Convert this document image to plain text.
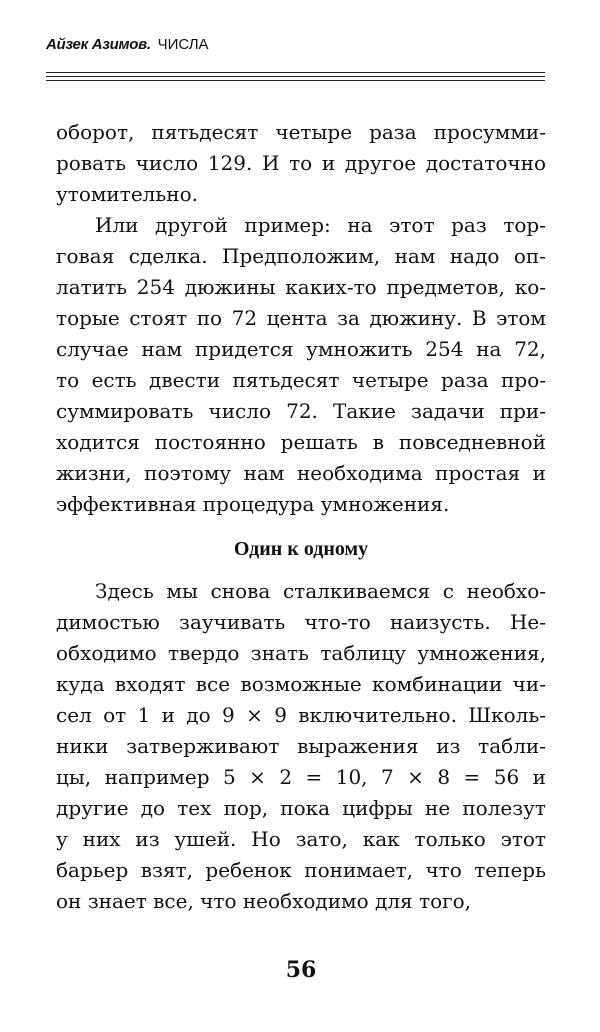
Айзек Азимов. ЧИСЛА
оборот, пятьдесят четыре раза просумми-
ровать число 129. И то и другое достаточно
утомительно.
Или другой пример: на этот раз тор-
говая сделка. Предположим, нам надо оп-
латить 254 дюжины каких-то предметов, ко-
торые стоят по 72 цента за дюжину. В этом
случае нам придется умножить 254 на 72,
то есть двести пятьдесят четыре раза про-
суммировать число 72. Такие задачи при-
ходится постоянно решать в повседневной
жизни, поэтому нам необходима простая и
эффективная процедура умножения.
Один к одному
Здесь мы снова сталкиваемся с необхо-
димостью заучивать что-то наизусть. Не-
обходимо твердо знать таблицу умножения,
куда входят все возможные комбинации чи-
сел от 1 и до 9 × 9 включительно. Школь-
ники затверживают выражения из табли-
цы, например 5 × 2 = 10, 7 × 8 = 56 и
другие до тех пор, пока цифры не полезут
у них из ушей. Но зато, как только этот
барьер взят, ребенок понимает, что теперь
он знает все, что необходимо для того,
56
